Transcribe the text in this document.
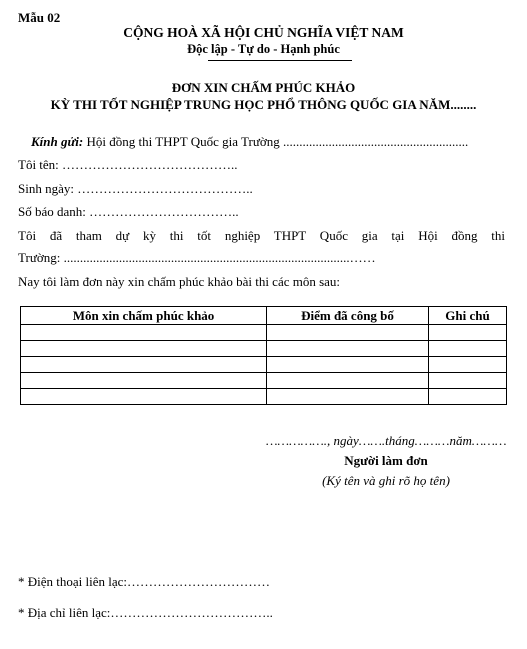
Mẫu 02
CỘNG HOÀ XÃ HỘI CHỦ NGHĨA VIỆT NAM
Độc lập - Tự do - Hạnh phúc
ĐƠN XIN CHẤM PHÚC KHẢO
KỲ THI TỐT NGHIỆP TRUNG HỌC PHỔ THÔNG QUỐC GIA NĂM........
Kính gửi: Hội đồng thi THPT Quốc gia Trường .........................................................
Tôi tên: …………………………………..
Sinh ngày: …………………………………..
Số báo danh: ……………………………..
Tôi đã tham dự kỳ thi tốt nghiệp THPT Quốc gia tại Hội đồng thi
Trường: ........................................................................................……
Nay tôi làm đơn này xin chấm phúc khảo bài thi các môn sau:
Môn xin chấm phúc khảo	Điểm đã công bố	Ghi chú

……………., ngày…….tháng………năm………
Người làm đơn
(Ký tên và ghi rõ họ tên)
* Điện thoại liên lạc:……………………………
* Địa chỉ liên lạc:………………………………..
